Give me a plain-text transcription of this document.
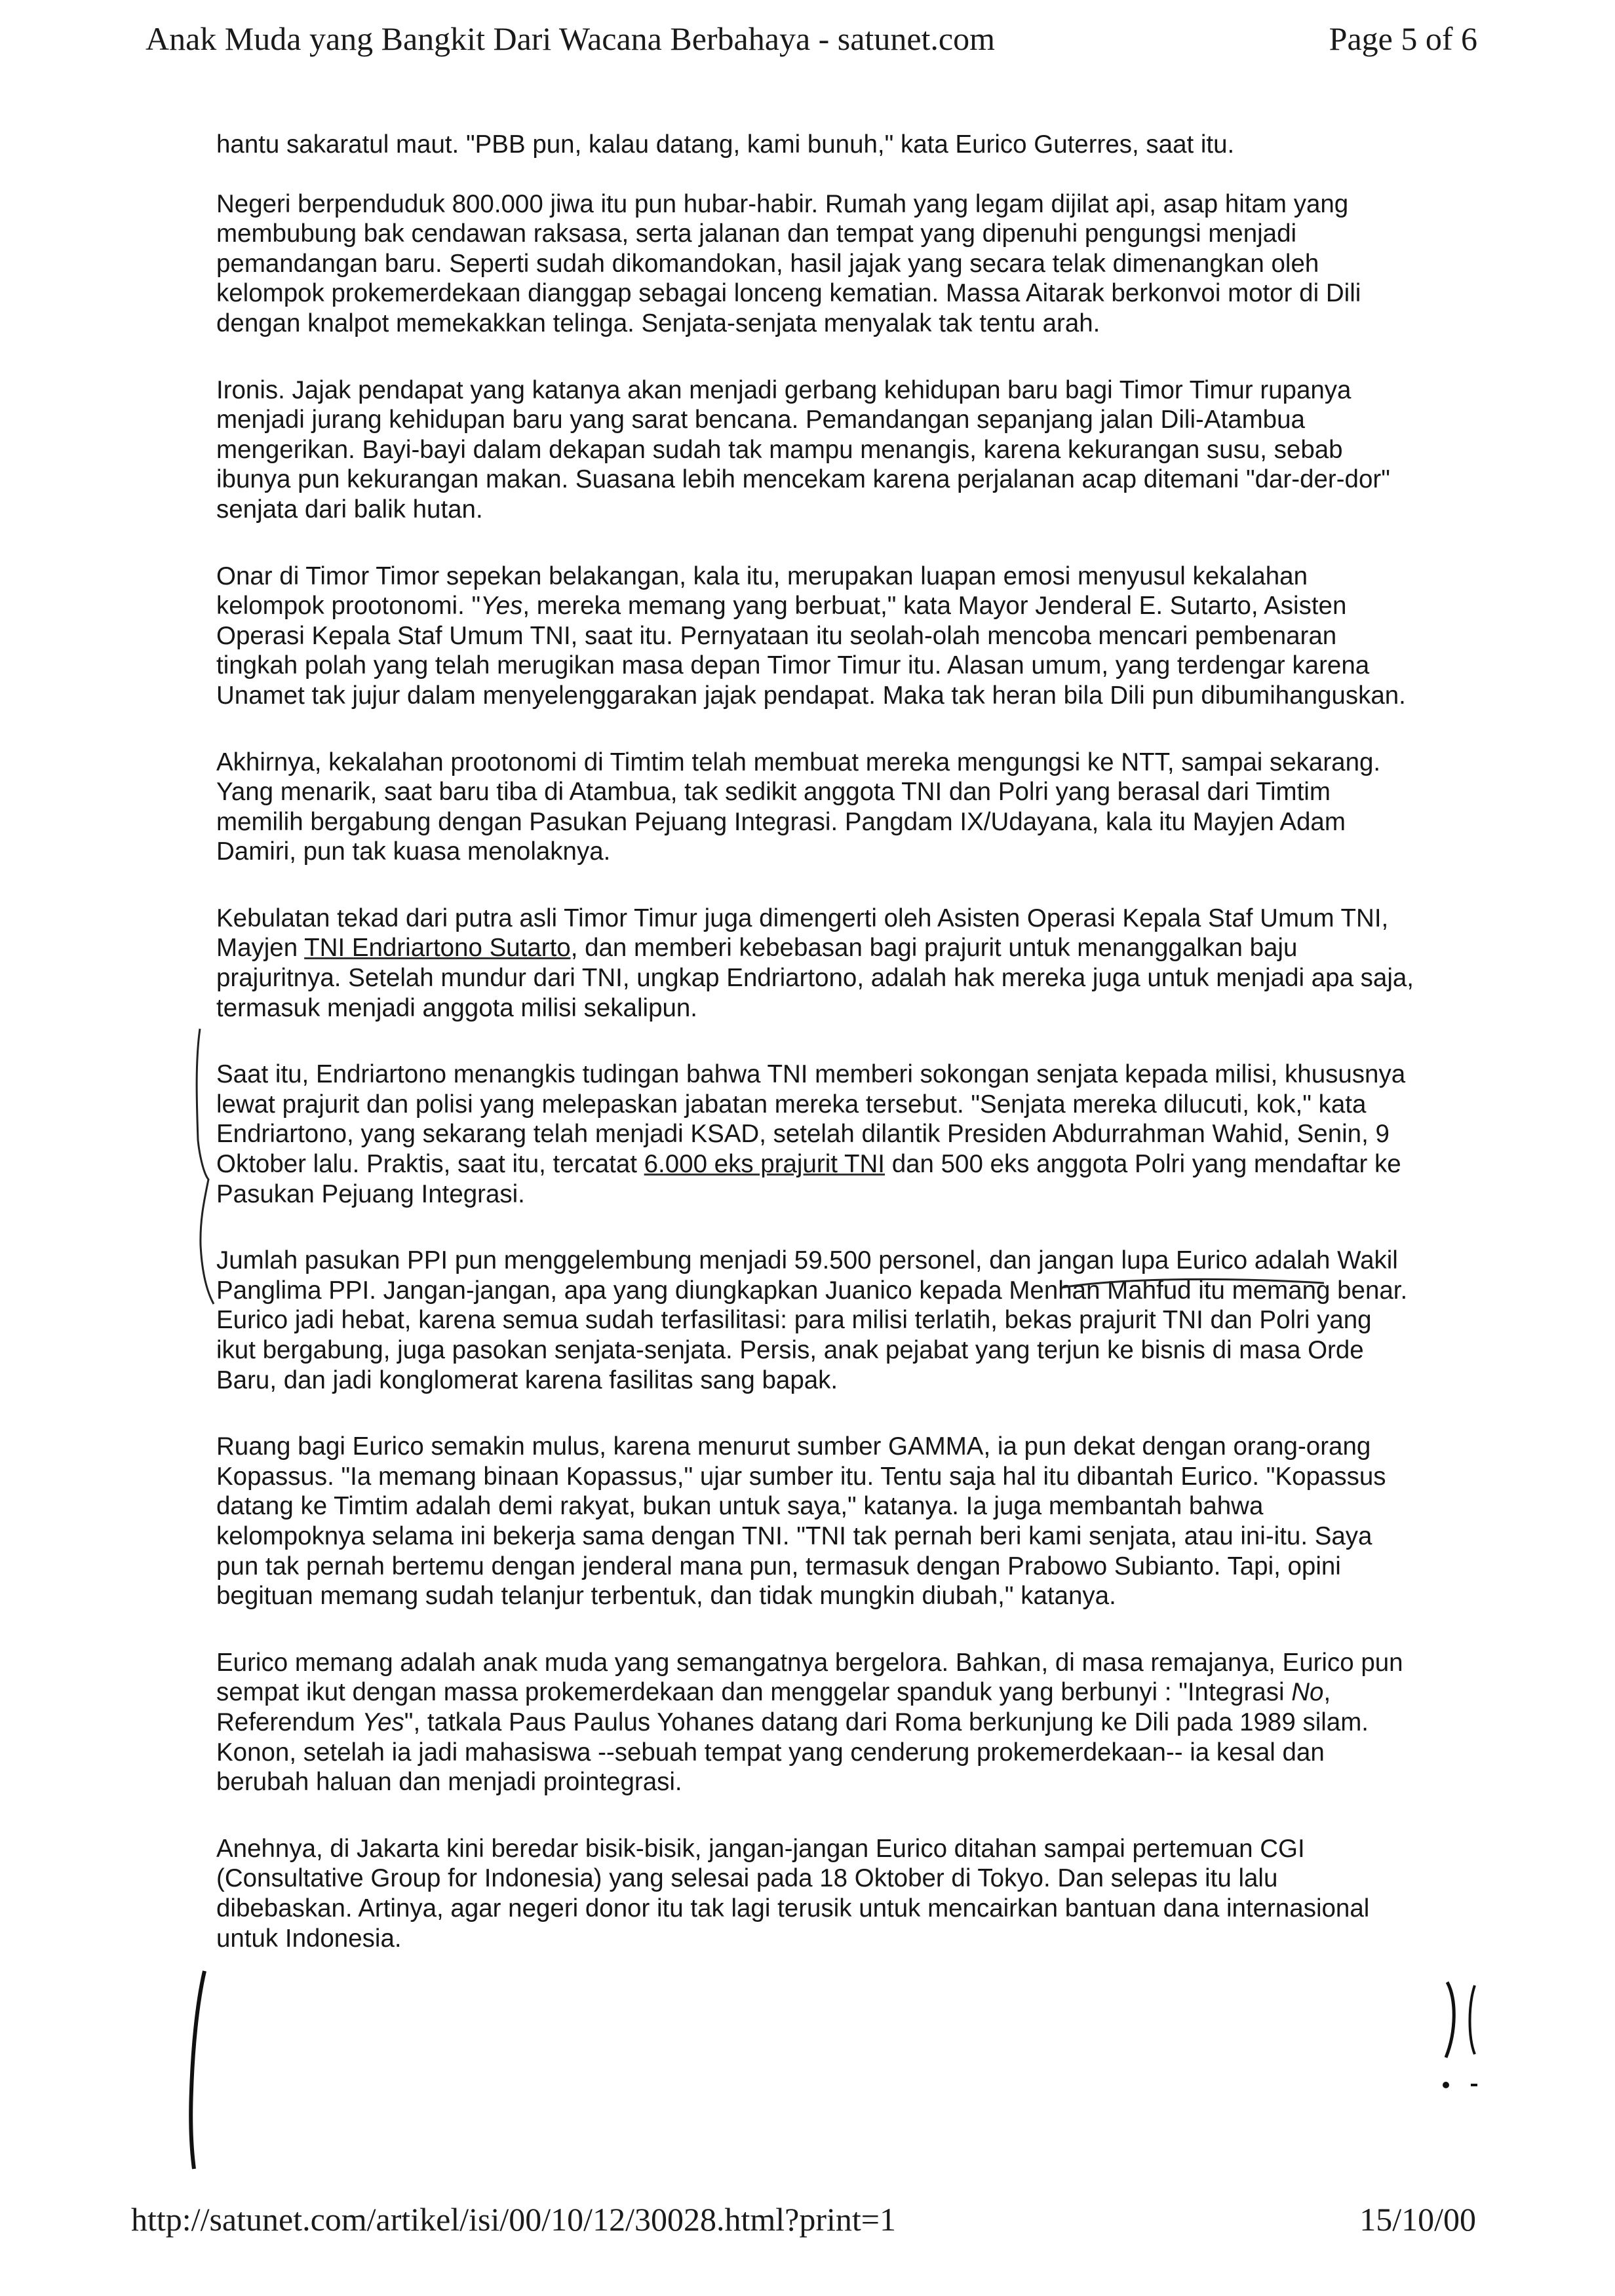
Anak Muda yang Bangkit Dari Wacana Berbahaya - satunet.com	Page 5 of 6

hantu sakaratul maut. "PBB pun, kalau datang, kami bunuh," kata Eurico Guterres, saat itu.

Negeri berpenduduk 800.000 jiwa itu pun hubar-habir. Rumah yang legam dijilat api, asap hitam yang membubung bak cendawan raksasa, serta jalanan dan tempat yang dipenuhi pengungsi menjadi pemandangan baru. Seperti sudah dikomandokan, hasil jajak yang secara telak dimenangkan oleh kelompok prokemerdekaan dianggap sebagai lonceng kematian. Massa Aitarak berkonvoi motor di Dili dengan knalpot memekakkan telinga. Senjata-senjata menyalak tak tentu arah.

Ironis. Jajak pendapat yang katanya akan menjadi gerbang kehidupan baru bagi Timor Timur rupanya menjadi jurang kehidupan baru yang sarat bencana. Pemandangan sepanjang jalan Dili-Atambua mengerikan. Bayi-bayi dalam dekapan sudah tak mampu menangis, karena kekurangan susu, sebab ibunya pun kekurangan makan. Suasana lebih mencekam karena perjalanan acap ditemani "dar-der-dor" senjata dari balik hutan.

Onar di Timor Timor sepekan belakangan, kala itu, merupakan luapan emosi menyusul kekalahan kelompok prootonomi. "Yes, mereka memang yang berbuat," kata Mayor Jenderal E. Sutarto, Asisten Operasi Kepala Staf Umum TNI, saat itu. Pernyataan itu seolah-olah mencoba mencari pembenaran tingkah polah yang telah merugikan masa depan Timor Timur itu. Alasan umum, yang terdengar karena Unamet tak jujur dalam menyelenggarakan jajak pendapat. Maka tak heran bila Dili pun dibumihanguskan.

Akhirnya, kekalahan prootonomi di Timtim telah membuat mereka mengungsi ke NTT, sampai sekarang. Yang menarik, saat baru tiba di Atambua, tak sedikit anggota TNI dan Polri yang berasal dari Timtim memilih bergabung dengan Pasukan Pejuang Integrasi. Pangdam IX/Udayana, kala itu Mayjen Adam Damiri, pun tak kuasa menolaknya.

Kebulatan tekad dari putra asli Timor Timur juga dimengerti oleh Asisten Operasi Kepala Staf Umum TNI, Mayjen TNI Endriartono Sutarto, dan memberi kebebasan bagi prajurit untuk menanggalkan baju prajuritnya. Setelah mundur dari TNI, ungkap Endriartono, adalah hak mereka juga untuk menjadi apa saja, termasuk menjadi anggota milisi sekalipun.

Saat itu, Endriartono menangkis tudingan bahwa TNI memberi sokongan senjata kepada milisi, khususnya lewat prajurit dan polisi yang melepaskan jabatan mereka tersebut. "Senjata mereka dilucuti, kok," kata Endriartono, yang sekarang telah menjadi KSAD, setelah dilantik Presiden Abdurrahman Wahid, Senin, 9 Oktober lalu. Praktis, saat itu, tercatat 6.000 eks prajurit TNI dan 500 eks anggota Polri yang mendaftar ke Pasukan Pejuang Integrasi.

Jumlah pasukan PPI pun menggelembung menjadi 59.500 personel, dan jangan lupa Eurico adalah Wakil Panglima PPI. Jangan-jangan, apa yang diungkapkan Juanico kepada Menhan Mahfud itu memang benar. Eurico jadi hebat, karena semua sudah terfasilitasi: para milisi terlatih, bekas prajurit TNI dan Polri yang ikut bergabung, juga pasokan senjata-senjata. Persis, anak pejabat yang terjun ke bisnis di masa Orde Baru, dan jadi konglomerat karena fasilitas sang bapak.

Ruang bagi Eurico semakin mulus, karena menurut sumber GAMMA, ia pun dekat dengan orang-orang Kopassus. "Ia memang binaan Kopassus," ujar sumber itu. Tentu saja hal itu dibantah Eurico. "Kopassus datang ke Timtim adalah demi rakyat, bukan untuk saya," katanya. Ia juga membantah bahwa kelompoknya selama ini bekerja sama dengan TNI. "TNI tak pernah beri kami senjata, atau ini-itu. Saya pun tak pernah bertemu dengan jenderal mana pun, termasuk dengan Prabowo Subianto. Tapi, opini begituan memang sudah telanjur terbentuk, dan tidak mungkin diubah," katanya.

Eurico memang adalah anak muda yang semangatnya bergelora. Bahkan, di masa remajanya, Eurico pun sempat ikut dengan massa prokemerdekaan dan menggelar spanduk yang berbunyi : "Integrasi No, Referendum Yes", tatkala Paus Paulus Yohanes datang dari Roma berkunjung ke Dili pada 1989 silam. Konon, setelah ia jadi mahasiswa --sebuah tempat yang cenderung prokemerdekaan-- ia kesal dan berubah haluan dan menjadi prointegrasi.

Anehnya, di Jakarta kini beredar bisik-bisik, jangan-jangan Eurico ditahan sampai pertemuan CGI (Consultative Group for Indonesia) yang selesai pada 18 Oktober di Tokyo. Dan selepas itu lalu dibebaskan. Artinya, agar negeri donor itu tak lagi terusik untuk mencairkan bantuan dana internasional untuk Indonesia.

http://satunet.com/artikel/isi/00/10/12/30028.html?print=1	15/10/00
